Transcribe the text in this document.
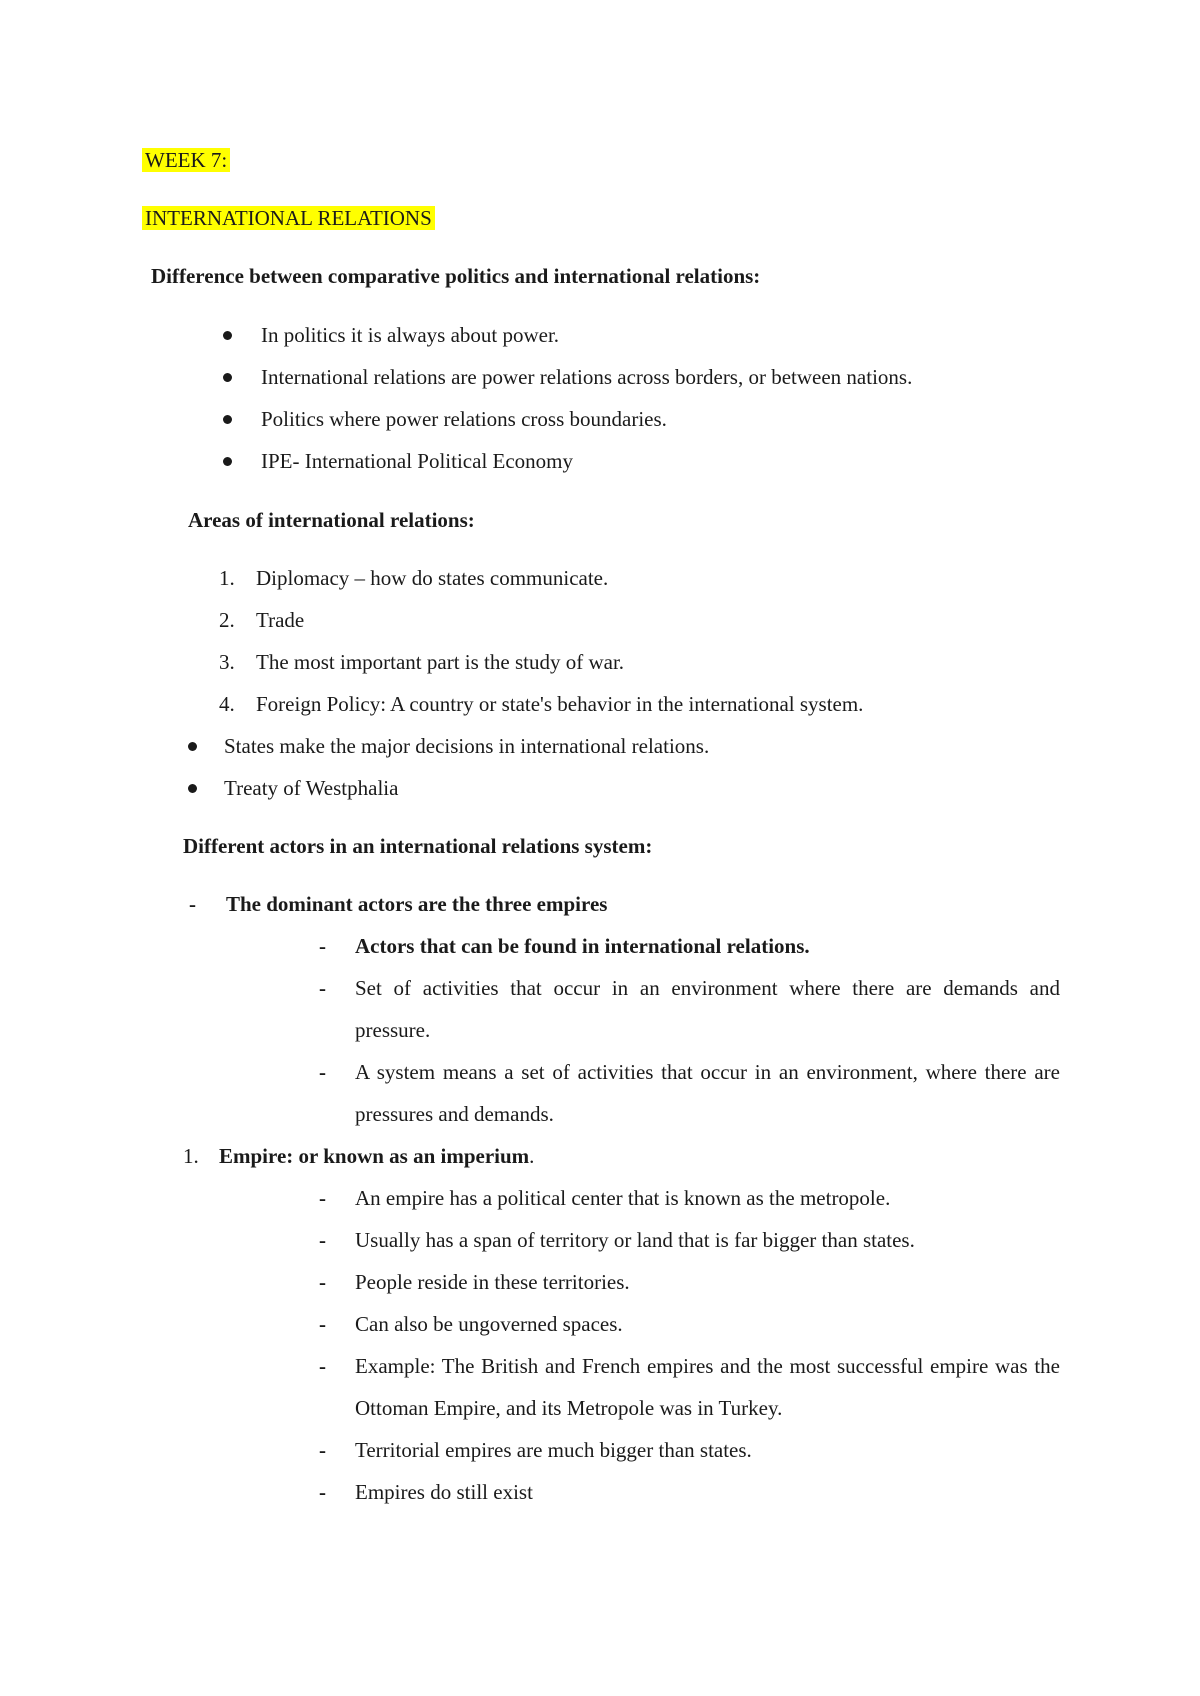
WEEK 7:
INTERNATIONAL RELATIONS
Difference between comparative politics and international relations:
In politics it is always about power.
International relations are power relations across borders, or between nations.
Politics where power relations cross boundaries.
IPE- International Political Economy
Areas of international relations:
1. Diplomacy – how do states communicate.
2. Trade
3. The most important part is the study of war.
4. Foreign Policy: A country or state's behavior in the international system.
States make the major decisions in international relations.
Treaty of Westphalia
Different actors in an international relations system:
- The dominant actors are the three empires
- Actors that can be found in international relations.
- Set of activities that occur in an environment where there are demands and pressure.
- A system means a set of activities that occur in an environment, where there are pressures and demands.
1. Empire: or known as an imperium.
- An empire has a political center that is known as the metropole.
- Usually has a span of territory or land that is far bigger than states.
- People reside in these territories.
- Can also be ungoverned spaces.
- Example: The British and French empires and the most successful empire was the Ottoman Empire, and its Metropole was in Turkey.
- Territorial empires are much bigger than states.
- Empires do still exist
